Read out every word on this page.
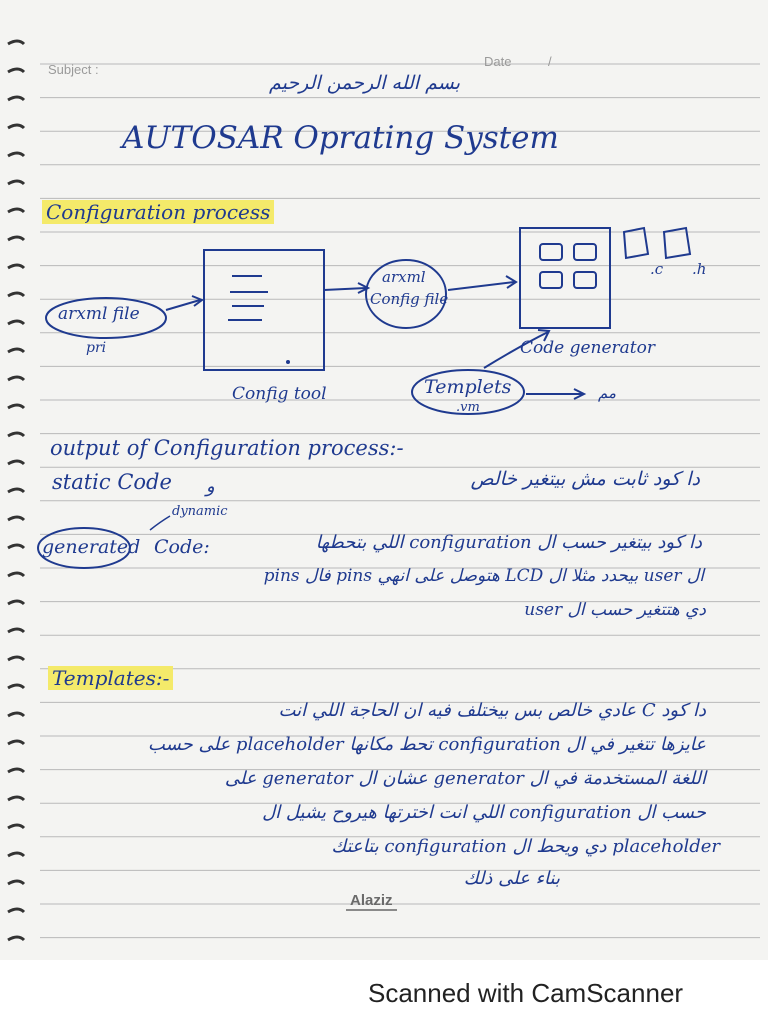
Subject :
Date	/
بسم الله الرحمن الرحيم
AUTOSAR Oprating System
Configuration process
arxml file
pri
Config tool
arxml
Config file
Code generator
.c .h
Templets
.vm
مم
output of Configuration process:-
static Code و	دا كود ثابت مش بيتغير خالص
dynamic
generated Code:	دا كود بيتغير حسب ال configuration اللي بتحطها
ال user بيحدد مثلا ال LCD هتوصل على انهي pins فال pins
دي هتتغير حسب ال user
Templates:-
دا كود C عادي خالص بس بيختلف فيه ان الحاجة اللي انت
عايزها تتغير في ال configuration تحط مكانها placeholder على حسب
اللغة المستخدمة في ال generator عشان ال generator على
حسب ال configuration اللي انت اخترتها هيروح يشيل ال
placeholder دي ويحط ال configuration بتاعتك
بناء على ذلك
Alaziz
Scanned with CamScanner
